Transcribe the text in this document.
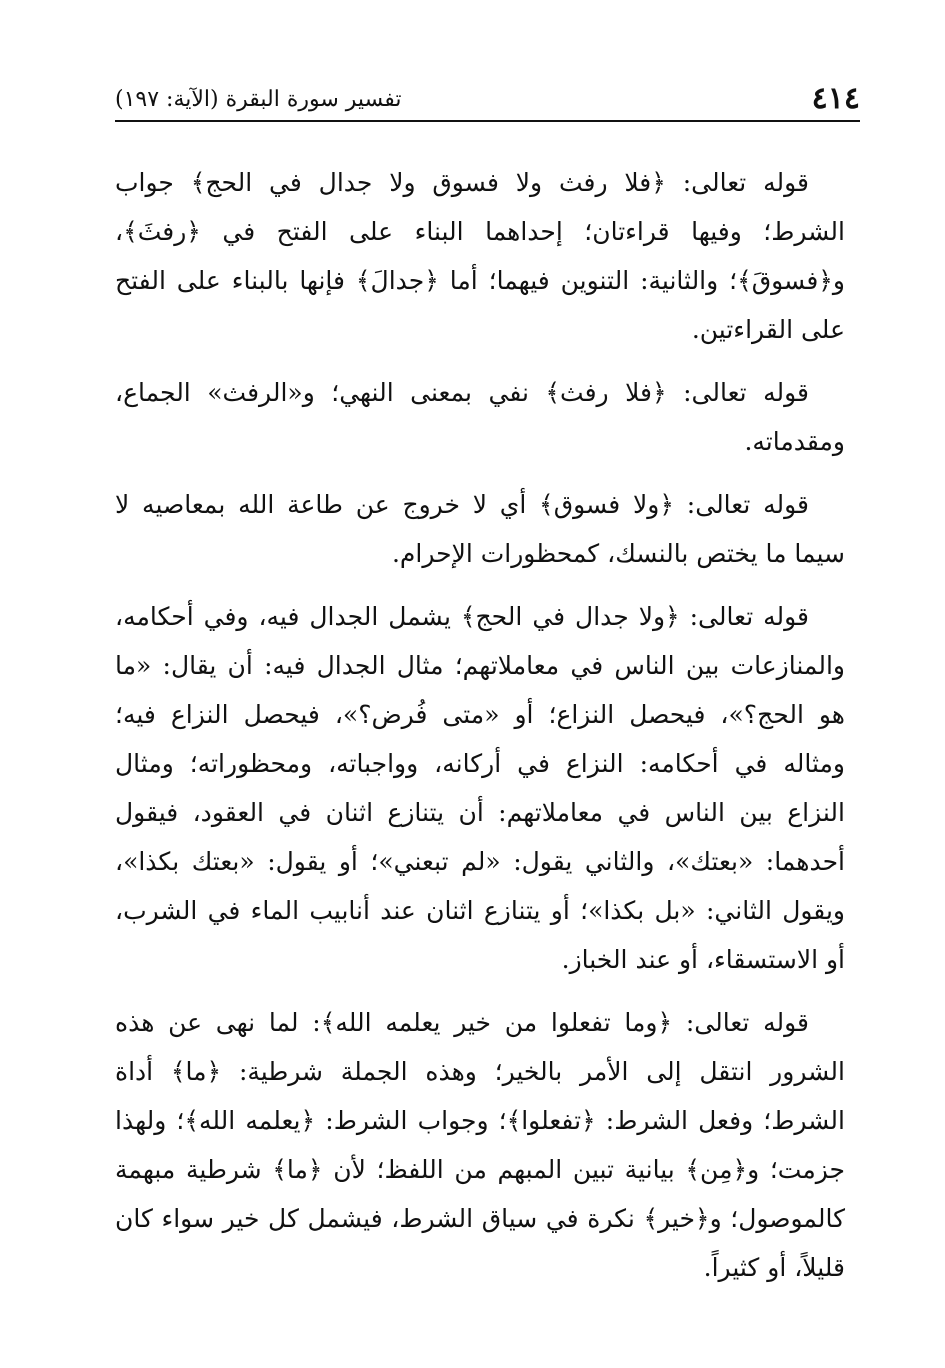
٤١٤
تفسير سورة البقرة (الآية: ١٩٧)

قوله تعالى: ﴿فلا رفث ولا فسوق ولا جدال في الحج﴾ جواب الشرط؛ وفيها قراءتان؛ إحداهما البناء على الفتح في ﴿رفثَ﴾، و﴿فسوقَ﴾؛ والثانية: التنوين فيهما؛ أما ﴿جدالَ﴾ فإنها بالبناء على الفتح على القراءتين.

قوله تعالى: ﴿فلا رفث﴾ نفي بمعنى النهي؛ و«الرفث» الجماع، ومقدماته.

قوله تعالى: ﴿ولا فسوق﴾ أي لا خروج عن طاعة الله بمعاصيه لا سيما ما يختص بالنسك، كمحظورات الإحرام.

قوله تعالى: ﴿ولا جدال في الحج﴾ يشمل الجدال فيه، وفي أحكامه، والمنازعات بين الناس في معاملاتهم؛ مثال الجدال فيه: أن يقال: «ما هو الحج؟»، فيحصل النزاع؛ أو «متى فُرض؟»، فيحصل النزاع فيه؛ ومثاله في أحكامه: النزاع في أركانه، وواجباته، ومحظوراته؛ ومثال النزاع بين الناس في معاملاتهم: أن يتنازع اثنان في العقود، فيقول أحدهما: «بعتك»، والثاني يقول: «لم تبعني»؛ أو يقول: «بعتك بكذا»، ويقول الثاني: «بل بكذا»؛ أو يتنازع اثنان عند أنابيب الماء في الشرب، أو الاستسقاء، أو عند الخباز.

قوله تعالى: ﴿وما تفعلوا من خير يعلمه الله﴾: لما نهى عن هذه الشرور انتقل إلى الأمر بالخير؛ وهذه الجملة شرطية: ﴿ما﴾ أداة الشرط؛ وفعل الشرط: ﴿تفعلوا﴾؛ وجواب الشرط: ﴿يعلمه الله﴾؛ ولهذا جزمت؛ و﴿مِن﴾ بيانية تبين المبهم من اللفظ؛ لأن ﴿ما﴾ شرطية مبهمة كالموصول؛ و﴿خير﴾ نكرة في سياق الشرط، فيشمل كل خير سواء كان قليلاً، أو كثيراً.
